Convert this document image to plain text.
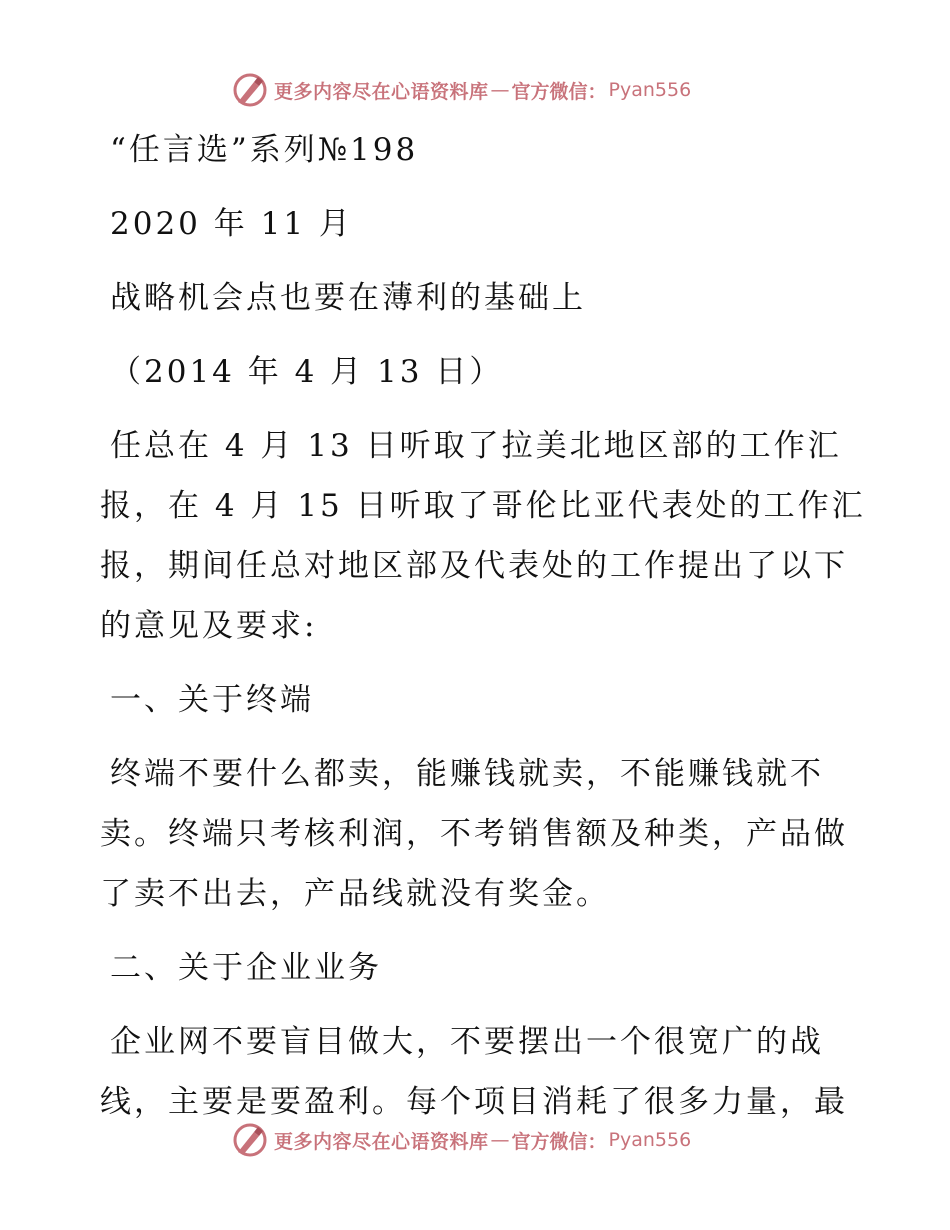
更多内容尽在心语资料库 — 官方微信： Pyan556

“任言选”系列№198

2020 年 11 月

战略机会点也要在薄利的基础上

（2014 年 4 月 13 日）

任总在 4 月 13 日听取了拉美北地区部的工作汇

报，在 4 月 15 日听取了哥伦比亚代表处的工作汇

报，期间任总对地区部及代表处的工作提出了以下

的意见及要求:

一、关于终端

终端不要什么都卖，能赚钱就卖，不能赚钱就不

卖。终端只考核利润，不考销售额及种类，产品做

了卖不出去，产品线就没有奖金。

二、关于企业业务

企业网不要盲目做大，不要摆出一个很宽广的战

线，主要是要盈利。每个项目消耗了很多力量，最

更多内容尽在心语资料库 — 官方微信： Pyan556
